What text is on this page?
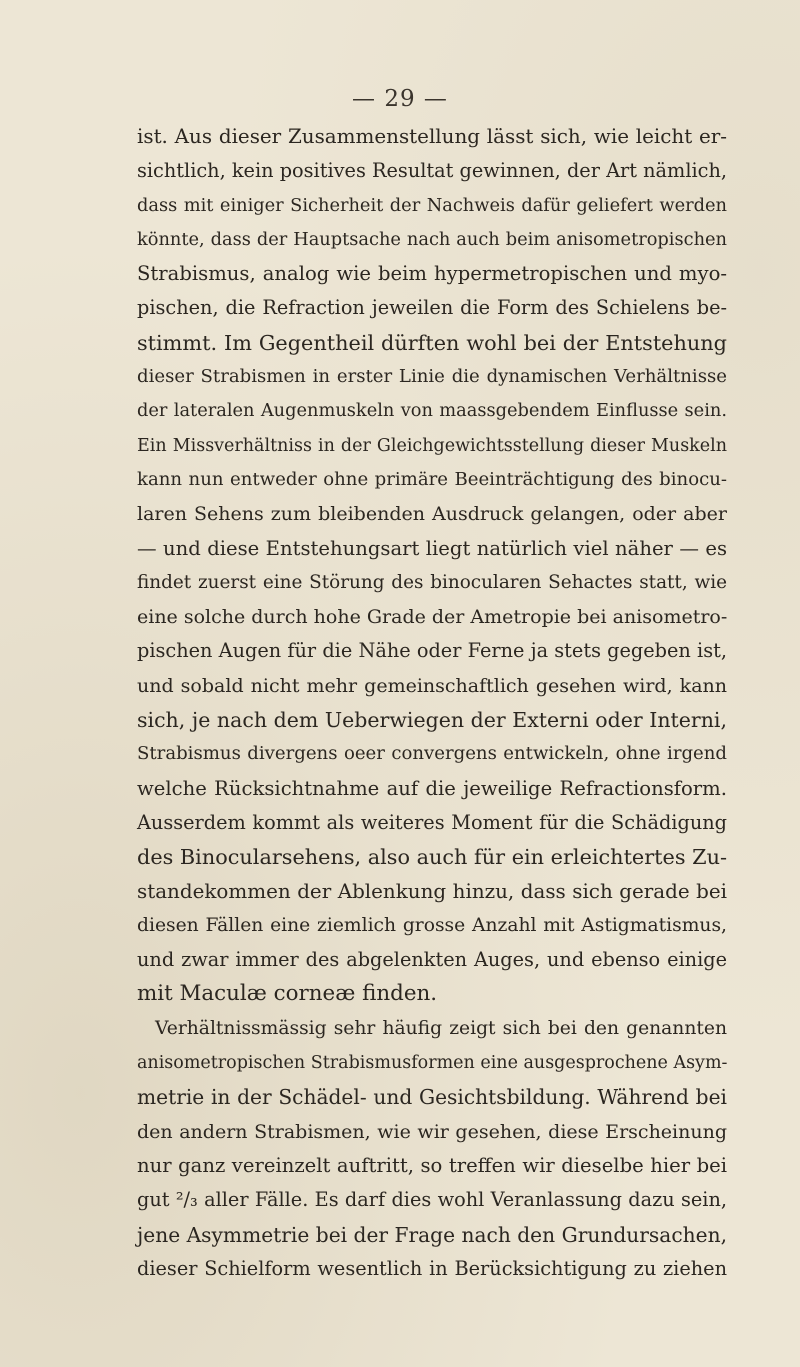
— 29 —
ist. Aus dieser Zusammenstellung lässt sich, wie leicht er-
sichtlich, kein positives Resultat gewinnen, der Art nämlich,
dass mit einiger Sicherheit der Nachweis dafür geliefert werden
könnte, dass der Hauptsache nach auch beim anisometropischen
Strabismus, analog wie beim hypermetropischen und myo-
pischen, die Refraction jeweilen die Form des Schielens be-
stimmt. Im Gegentheil dürften wohl bei der Entstehung
dieser Strabismen in erster Linie die dynamischen Verhältnisse
der lateralen Augenmuskeln von maassgebendem Einflusse sein.
Ein Missverhältniss in der Gleichgewichtsstellung dieser Muskeln
kann nun entweder ohne primäre Beeinträchtigung des binocu-
laren Sehens zum bleibenden Ausdruck gelangen, oder aber
— und diese Entstehungsart liegt natürlich viel näher — es
findet zuerst eine Störung des binocularen Sehactes statt, wie
eine solche durch hohe Grade der Ametropie bei anisometro-
pischen Augen für die Nähe oder Ferne ja stets gegeben ist,
und sobald nicht mehr gemeinschaftlich gesehen wird, kann
sich, je nach dem Ueberwiegen der Externi oder Interni,
Strabismus divergens oeer convergens entwickeln, ohne irgend
welche Rücksichtnahme auf die jeweilige Refractionsform.
Ausserdem kommt als weiteres Moment für die Schädigung
des Binocularsehens, also auch für ein erleichtertes Zu-
standekommen der Ablenkung hinzu, dass sich gerade bei
diesen Fällen eine ziemlich grosse Anzahl mit Astigmatismus,
und zwar immer des abgelenkten Auges, und ebenso einige
mit Maculæ corneæ finden.
Verhältnissmässig sehr häufig zeigt sich bei den genannten
anisometropischen Strabismusformen eine ausgesprochene Asym-
metrie in der Schädel- und Gesichtsbildung. Während bei
den andern Strabismen, wie wir gesehen, diese Erscheinung
nur ganz vereinzelt auftritt, so treffen wir dieselbe hier bei
gut ²/₃ aller Fälle. Es darf dies wohl Veranlassung dazu sein,
jene Asymmetrie bei der Frage nach den Grundursachen,
dieser Schielform wesentlich in Berücksichtigung zu ziehen
